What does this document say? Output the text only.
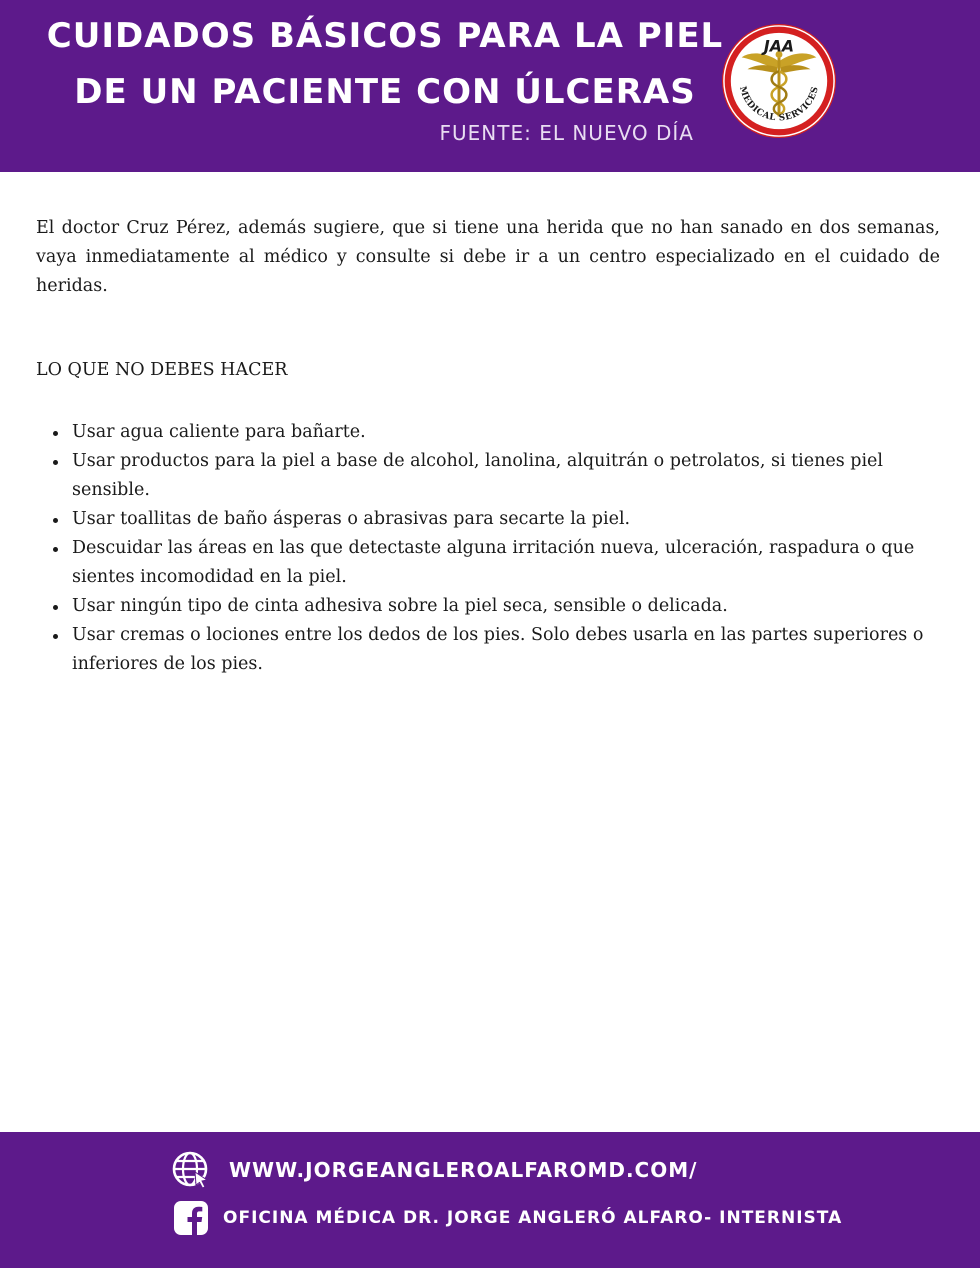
CUIDADOS BÁSICOS PARA LA PIEL
DE UN PACIENTE CON ÚLCERAS
FUENTE: EL NUEVO DÍA
JAA
MEDICAL SERVICES

El doctor Cruz Pérez, además sugiere, que si tiene una herida que no han sanado en dos semanas, vaya inmediatamente al médico y consulte si debe ir a un centro especializado en el cuidado de heridas.

LO QUE NO DEBES HACER

Usar agua caliente para bañarte.
Usar productos para la piel a base de alcohol, lanolina, alquitrán o petrolatos, si tienes piel sensible.
Usar toallitas de baño ásperas o abrasivas para secarte la piel.
Descuidar las áreas en las que detectaste alguna irritación nueva, ulceración, raspadura o que sientes incomodidad en la piel.
Usar ningún tipo de cinta adhesiva sobre la piel seca, sensible o delicada.
Usar cremas o lociones entre los dedos de los pies. Solo debes usarla en las partes superiores o inferiores de los pies.
WWW.JORGEANGLEROALFAROMD.COM/
OFICINA MÉDICA DR. JORGE ANGLERÓ ALFARO- INTERNISTA
